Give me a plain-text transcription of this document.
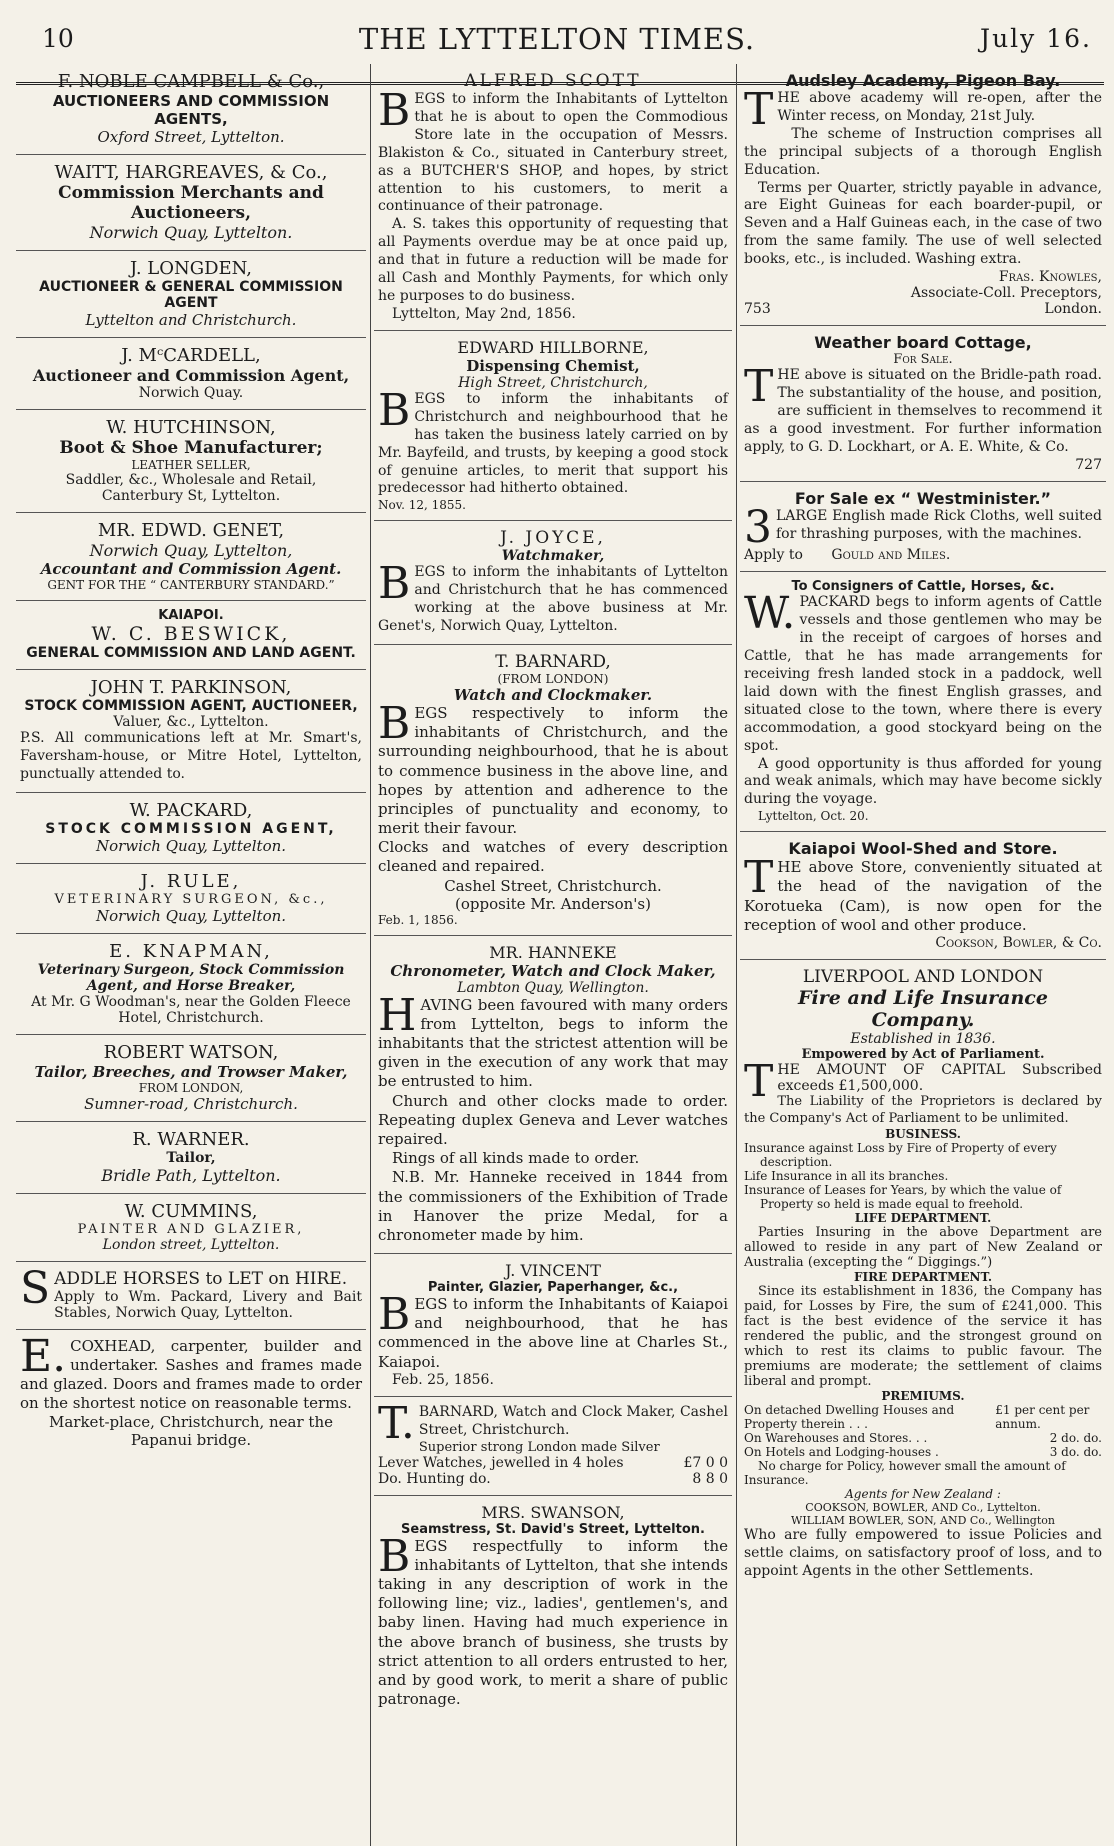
10	THE LYTTELTON TIMES.	July 16.
F. NOBLE CAMPBELL & Co.,
AUCTIONEERS AND COMMISSION AGENTS,
Oxford Street, Lyttelton.
WAITT, HARGREAVES, & Co.,
Commission Merchants and Auctioneers,
Norwich Quay, Lyttelton.
J. LONGDEN,
AUCTIONEER & GENERAL COMMISSION AGENT
Lyttelton and Christchurch.
J. MᶜCARDELL,
Auctioneer and Commission Agent,
Norwich Quay.
W. HUTCHINSON,
Boot & Shoe Manufacturer;
LEATHER SELLER,
Saddler, &c., Wholesale and Retail,
Canterbury St, Lyttelton.
MR. EDWD. GENET,
Norwich Quay, Lyttelton,
Accountant and Commission Agent.
GENT FOR THE “ CANTERBURY STANDARD.”
KAIAPOI.
W. C. BESWICK,
GENERAL COMMISSION AND LAND AGENT.
JOHN T. PARKINSON,
STOCK COMMISSION AGENT, AUCTIONEER,
Valuer, &c., Lyttelton.
P.S. All communications left at Mr. Smart's, Faversham-house, or Mitre Hotel, Lyttelton, punctually attended to.
W. PACKARD,
STOCK COMMISSION AGENT,
Norwich Quay, Lyttelton.
J. RULE,
VETERINARY SURGEON, &c.,
Norwich Quay, Lyttelton.
E. KNAPMAN,
Veterinary Surgeon, Stock Commission Agent, and Horse Breaker,
At Mr. G Woodman's, near the Golden Fleece Hotel, Christchurch.
ROBERT WATSON,
Tailor, Breeches, and Trowser Maker,
FROM LONDON,
Sumner-road, Christchurch.
R. WARNER.
Tailor,
Bridle Path, Lyttelton.
W. CUMMINS,
PAINTER AND GLAZIER,
London street, Lyttelton.
S ADDLE HORSES to LET on HIRE.
Apply to Wm. Packard, Livery and Bait Stables, Norwich Quay, Lyttelton.
E. COXHEAD, carpenter, builder and undertaker. Sashes and frames made and glazed. Doors and frames made to order on the shortest notice on reasonable terms.
Market-place, Christchurch, near the Papanui bridge.
ALFRED SCOTT
B EGS to inform the Inhabitants of Lyttelton that he is about to open the Commodious Store late in the occupation of Messrs. Blakiston & Co., situated in Canterbury street, as a BUTCHER'S SHOP, and hopes, by strict attention to his customers, to merit a continuance of their patronage.
A. S. takes this opportunity of requesting that all Payments overdue may be at once paid up, and that in future a reduction will be made for all Cash and Monthly Payments, for which only he purposes to do business.
Lyttelton, May 2nd, 1856.
EDWARD HILLBORNE,
Dispensing Chemist,
High Street, Christchurch,
B EGS to inform the inhabitants of Christchurch and neighbourhood that he has taken the business lately carried on by Mr. Bayfeild, and trusts, by keeping a good stock of genuine articles, to merit that support his predecessor had hitherto obtained.
Nov. 12, 1855.
J. JOYCE,
Watchmaker,
B EGS to inform the inhabitants of Lyttelton and Christchurch that he has commenced working at the above business at Mr. Genet's, Norwich Quay, Lyttelton.
T. BARNARD,
(FROM LONDON)
Watch and Clockmaker.
B EGS respectively to inform the inhabitants of Christchurch, and the surrounding neighbourhood, that he is about to commence business in the above line, and hopes by attention and adherence to the principles of punctuality and economy, to merit their favour.
Clocks and watches of every description cleaned and repaired.
Cashel Street, Christchurch.
(opposite Mr. Anderson's)
Feb. 1, 1856.
MR. HANNEKE
Chronometer, Watch and Clock Maker,
Lambton Quay, Wellington.
H AVING been favoured with many orders from Lyttelton, begs to inform the inhabitants that the strictest attention will be given in the execution of any work that may be entrusted to him.
Church and other clocks made to order. Repeating duplex Geneva and Lever watches repaired.
Rings of all kinds made to order.
N.B. Mr. Hanneke received in 1844 from the commissioners of the Exhibition of Trade in Hanover the prize Medal, for a chronometer made by him.
J. VINCENT
Painter, Glazier, Paperhanger, &c.,
B EGS to inform the Inhabitants of Kaiapoi and neighbourhood, that he has commenced in the above line at Charles St., Kaiapoi.
Feb. 25, 1856.
T. BARNARD, Watch and Clock Maker, Cashel Street, Christchurch.
Superior strong London made Silver
Lever Watches, jewelled in 4 holes	£7 0 0
Do. Hunting do.	8 8 0
MRS. SWANSON,
Seamstress, St. David's Street, Lyttelton.
B EGS respectfully to inform the inhabitants of Lyttelton, that she intends taking in any description of work in the following line; viz., ladies', gentlemen's, and baby linen. Having had much experience in the above branch of business, she trusts by strict attention to all orders entrusted to her, and by good work, to merit a share of public patronage.
Audsley Academy, Pigeon Bay.
T HE above academy will re-open, after the Winter recess, on Monday, 21st July.
The scheme of Instruction comprises all the principal subjects of a thorough English Education.
Terms per Quarter, strictly payable in advance, are Eight Guineas for each boarder-pupil, or Seven and a Half Guineas each, in the case of two from the same family. The use of well selected books, etc., is included. Washing extra.
Fras. Knowles,
Associate-Coll. Preceptors,
753	London.
Weather board Cottage,
For Sale.
T HE above is situated on the Bridle-path road. The substantiality of the house, and position, are sufficient in themselves to recommend it as a good investment. For further information apply, to G. D. Lockhart, or A. E. White, & Co.
727
For Sale ex “ Westminister.”
3 LARGE English made Rick Cloths, well suited for thrashing purposes, with the machines.
Apply to Gould and Miles.
To Consigners of Cattle, Horses, &c.
W. PACKARD begs to inform agents of Cattle vessels and those gentlemen who may be in the receipt of cargoes of horses and Cattle, that he has made arrangements for receiving fresh landed stock in a paddock, well laid down with the finest English grasses, and situated close to the town, where there is every accommodation, a good stockyard being on the spot.
A good opportunity is thus afforded for young and weak animals, which may have become sickly during the voyage.
Lyttelton, Oct. 20.
Kaiapoi Wool-Shed and Store.
T HE above Store, conveniently situated at the head of the navigation of the Korotueka (Cam), is now open for the reception of wool and other produce.
Cookson, Bowler, & Co.
LIVERPOOL AND LONDON
Fire and Life Insurance Company.
Established in 1836.
Empowered by Act of Parliament.
T HE AMOUNT OF CAPITAL Subscribed exceeds £1,500,000.
The Liability of the Proprietors is declared by the Company's Act of Parliament to be unlimited.
BUSINESS.
Insurance against Loss by Fire of Property of every description.
Life Insurance in all its branches.
Insurance of Leases for Years, by which the value of Property so held is made equal to freehold.
LIFE DEPARTMENT.
Parties Insuring in the above Department are allowed to reside in any part of New Zealand or Australia (excepting the “ Diggings.”)
FIRE DEPARTMENT.
Since its establishment in 1836, the Company has paid, for Losses by Fire, the sum of £241,000. This fact is the best evidence of the service it has rendered the public, and the strongest ground on which to rest its claims to public favour. The premiums are moderate; the settlement of claims liberal and prompt.
PREMIUMS.
On detached Dwelling Houses and Property therein . . .
£1 per cent per annum.
On Warehouses and Stores. . .	2 do. do.
On Hotels and Lodging-houses .	3 do. do.
No charge for Policy, however small the amount of Insurance.
Agents for New Zealand :
COOKSON, BOWLER, AND Co., Lyttelton.
WILLIAM BOWLER, SON, AND Co., Wellington
Who are fully empowered to issue Policies and settle claims, on satisfactory proof of loss, and to appoint Agents in the other Settlements.
